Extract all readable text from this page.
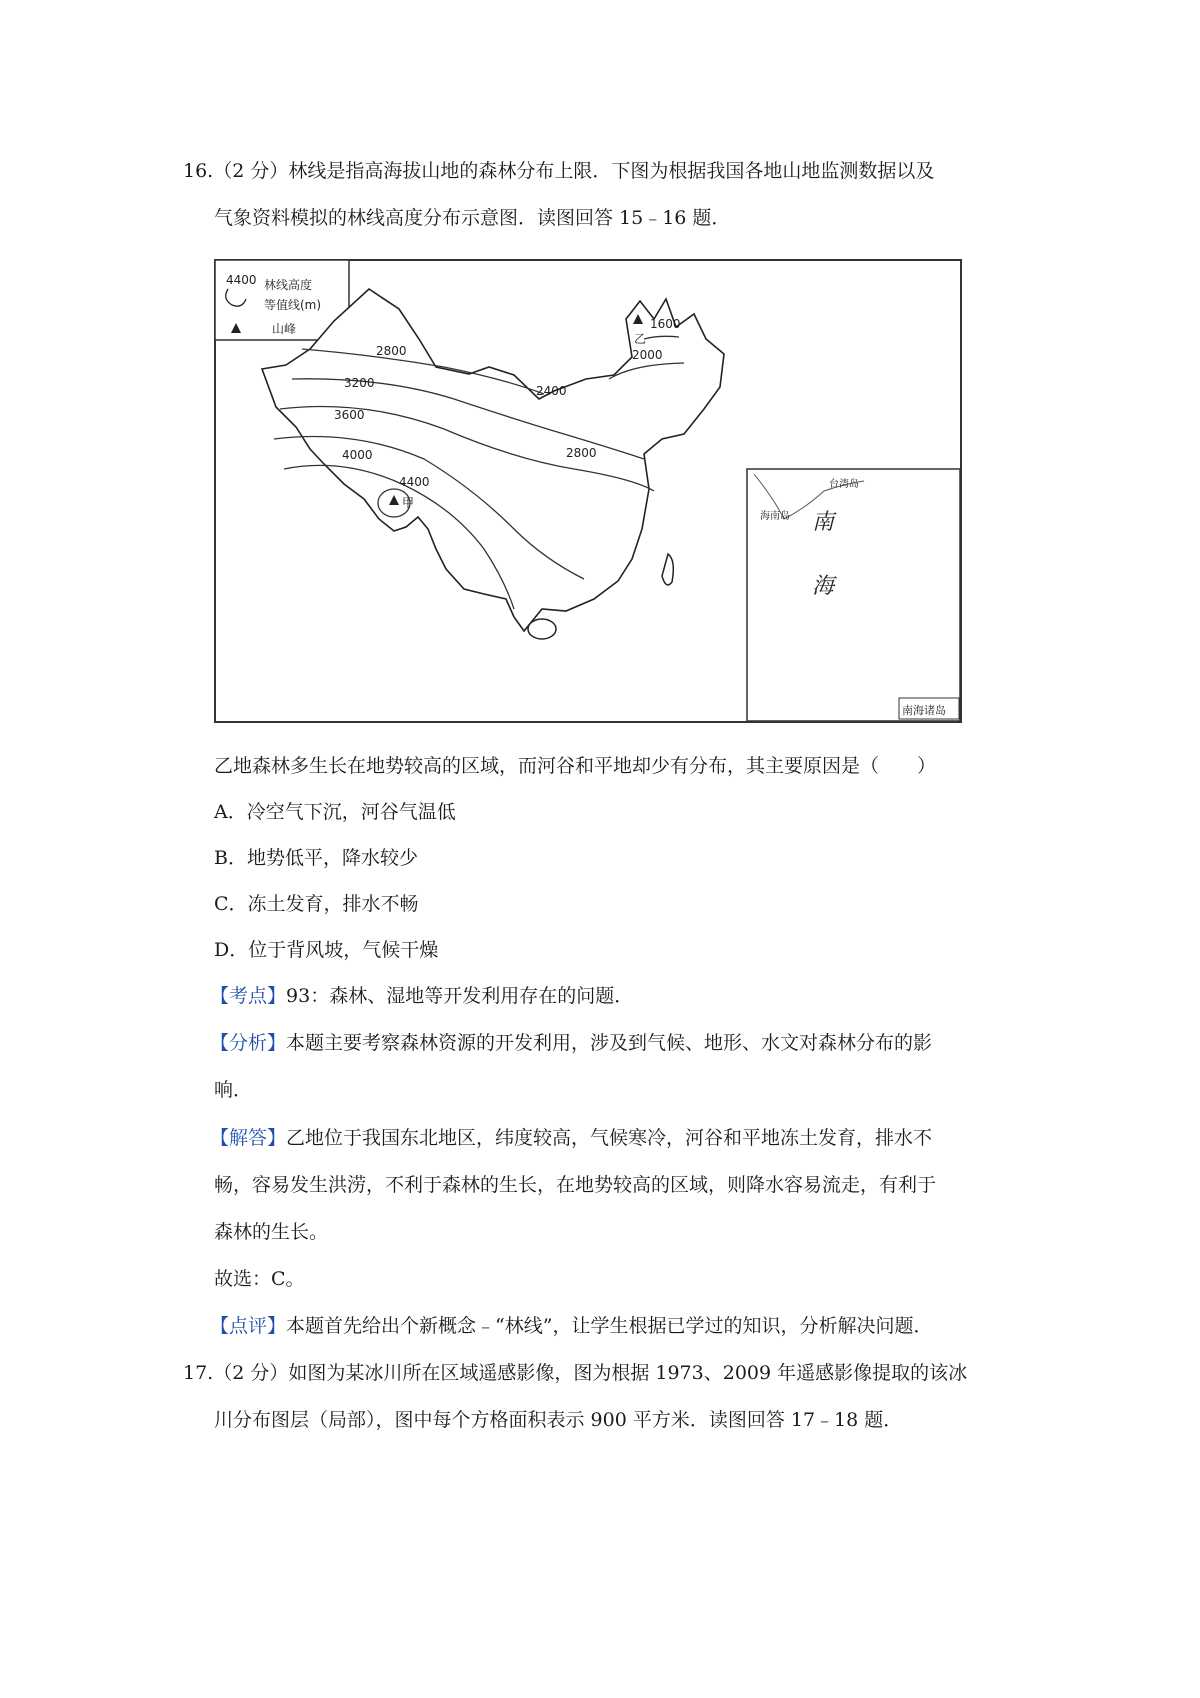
16.（2 分）林线是指高海拔山地的森林分布上限．下图为根据我国各地山地监测数据以及
气象资料模拟的林线高度分布示意图．读图回答 15﹣16 题．
4400 林线高度
等值线(m)
山峰	1600
2000
2400
2800
2800
3200
3600
4000
4400
甲
乙
台湾岛
海南岛 南
海
南海诸岛
乙地森林多生长在地势较高的区域，而河谷和平地却少有分布，其主要原因是（　　）
A．冷空气下沉，河谷气温低
B．地势低平，降水较少
C．冻土发育，排水不畅
D．位于背风坡，气候干燥
【考点】93：森林、湿地等开发利用存在的问题．
【分析】本题主要考察森林资源的开发利用，涉及到气候、地形、水文对森林分布的影
响．
【解答】乙地位于我国东北地区，纬度较高，气候寒冷，河谷和平地冻土发育，排水不
畅，容易发生洪涝，不利于森林的生长，在地势较高的区域，则降水容易流走，有利于
森林的生长。
故选：C。
【点评】本题首先给出个新概念﹣“林线”，让学生根据已学过的知识，分析解决问题．
17.（2 分）如图为某冰川所在区域遥感影像，图为根据 1973、2009 年遥感影像提取的该冰
川分布图层（局部），图中每个方格面积表示 900 平方米．读图回答 17﹣18 题．
